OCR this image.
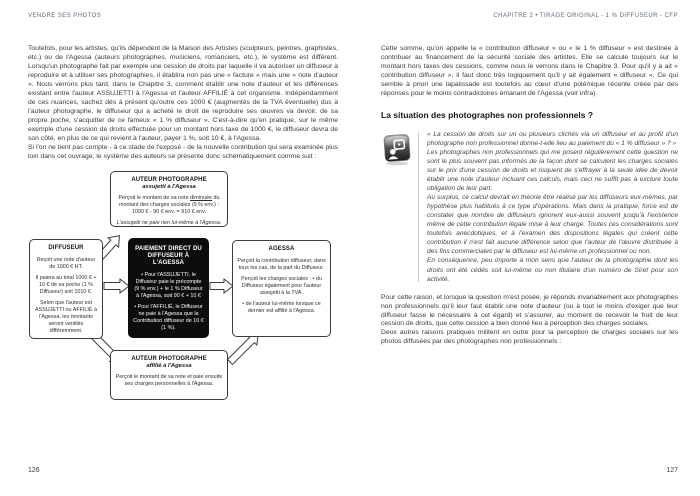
VENDRE SES PHOTOS	CHAPITRE 2 • TIRAGE ORIGINAL - 1 % DIFFUSEUR - CFP

Toutefois, pour les artistes, qu'ils dépendent de la Maison des Artistes (sculpteurs, peintres, graphistes, etc.) ou de l'Agessa (auteurs photographes, musiciens, romanciers, etc.), le système est différent. Lorsqu'un photographe fait par exemple une cession de droits par laquelle il va autoriser un diffuseur à reproduire et à utiliser ses photographies, il établira non pas une « facture » mais une « note d'auteur ». Nous verrons plus tard, dans le Chapitre 3, comment établir une note d'auteur et les différences existant entre l'auteur ASSUJETTI à l'Agessa et l'auteur AFFILIÉ à cet organisme. Indépendamment de ces nuances, sachez dès à présent qu'outre ces 1000 € (augmentés de la TVA éventuelle) dus à l'auteur photographe, le diffuseur qui a acheté le droit de reproduire ses œuvres va devoir, de sa propre poche, s'acquitter de ce fameux « 1 % diffuseur ». C'est-à-dire qu'en pratique, sur le même exemple d'une cession de droits effectuée pour un montant hors taxe de 1000 €, le diffuseur devra de son côté, en plus de ce qui revient à l'auteur, payer 1 %, soit 10 €, à l'Agessa.

Si l'on ne tient pas compte - à ce stade de l'exposé - de la nouvelle contribution qui sera examinée plus loin dans cet ouvrage, le système des auteurs se présente donc schématiquement comme suit :

AUTEUR PHOTOGRAPHE
assujetti à l'Agessa

Perçoit le montant de sa note diminuée du montant des charges sociales (9 % env.) : 1000 € - 90 € env. = 910 € env.

L'assujetti ne paie rien lui-même à l'Agessa.

DIFFUSEUR

Reçoit une note d'auteur de 1000 € HT.

Il paiera au total 1000 € + 10 € de sa poche (1 % Diffuseur) soit 1010 €.

Selon que l'auteur est ASSUJETTI ou AFFILIÉ à l'Agessa, les montants seront ventilés différemment.

PAIEMENT DIRECT DU DIFFUSEUR À L'AGESSA

• Pour l'ASSUJETTI, le Diffuseur paie le précompte (9 % env.) + le 1 % Diffuseur à l'Agessa, soit 90 € + 10 €

• Pour l'AFFILIÉ, le Diffuseur ne paie à l'Agessa que la Contribution diffuseur de 10 € (1 %).

AGESSA

Perçoit la contribution diffuseur, dans tous les cas, de la part du Diffuseur.

Perçoit les charges sociales : • du Diffuseur également pour l'auteur assujetti à la TVA.

• de l'auteur lui-même lorsque ce dernier est affilié à l'Agessa.

AUTEUR PHOTOGRAPHE
affilié à l'Agessa

Perçoit le montant de sa note et paie ensuite ses charges personnelles à l'Agessa.

Cette somme, qu'on appelle la « contribution diffuseur » ou « le 1 % diffuseur » est destinée à contribuer au financement de la sécurité sociale des artistes. Elle se calcule toujours sur le montant hors taxes des cessions, comme nous le verrons dans le Chapitre 3. Pour qu'il y a ait « contribution diffuseur », il faut donc très logiquement qu'il y ait également « diffuseur ». Ce qui semble à priori une lapalissade est toutefois au cœur d'une polémique récente créée par des réponses pour le moins contradictoires émanant de l'Agessa (voir infra).

La situation des photographes non professionnels ?

« La cession de droits sur un ou plusieurs clichés via un diffuseur et au profit d'un photographe non professionnel donne-t-elle lieu au paiement du « 1 % diffuseur » ? »

Les photographes non professionnels qui me posent régulièrement cette question ne sont le plus souvent pas informés de la façon dont se calculent les charges sociales sur le prix d'une cession de droits et risquent de s'effrayer à la seule idée de devoir établir une note d'auteur incluant ces calculs, mais ceci ne suffit pas à exclure toute obligation de leur part.

Au surplus, ce calcul devrait en théorie être réalisé par les diffuseurs eux-mêmes, par hypothèse plus habitués à ce type d'opérations. Mais dans la pratique, force est de constater que nombre de diffuseurs ignorent eux-aussi souvent jusqu'à l'existence même de cette contribution légale mise à leur charge. Toutes ces considérations sont toutefois anecdotiques, et à l'examen des dispositions légales qui créent cette contribution il n'est fait aucune différence selon que l'auteur de l'œuvre distribuée à des fins commerciales par le diffuseur est lui-même un professionnel ou non.

En conséquence, peu importe à mon sens que l'auteur de la photographie dont les droits ont été cédés soit lui-même ou non titulaire d'un numéro de Siret pour son activité.

Pour cette raison, et lorsque la question m'est posée, je réponds invariablement aux photographes non professionnels qu'il leur faut établir une note d'auteur (ou à tout le moins d'exiger que leur diffuseur fasse le nécessaire à cet égard) et s'assurer, au moment de recevoir le fruit de leur cession de droits, que cette cession a bien donné lieu à perception des charges sociales.

Deux autres raisons pratiques militent en outre pour la perception de charges sociales sur les photos diffusées par des photographes non professionnels :

126	127
